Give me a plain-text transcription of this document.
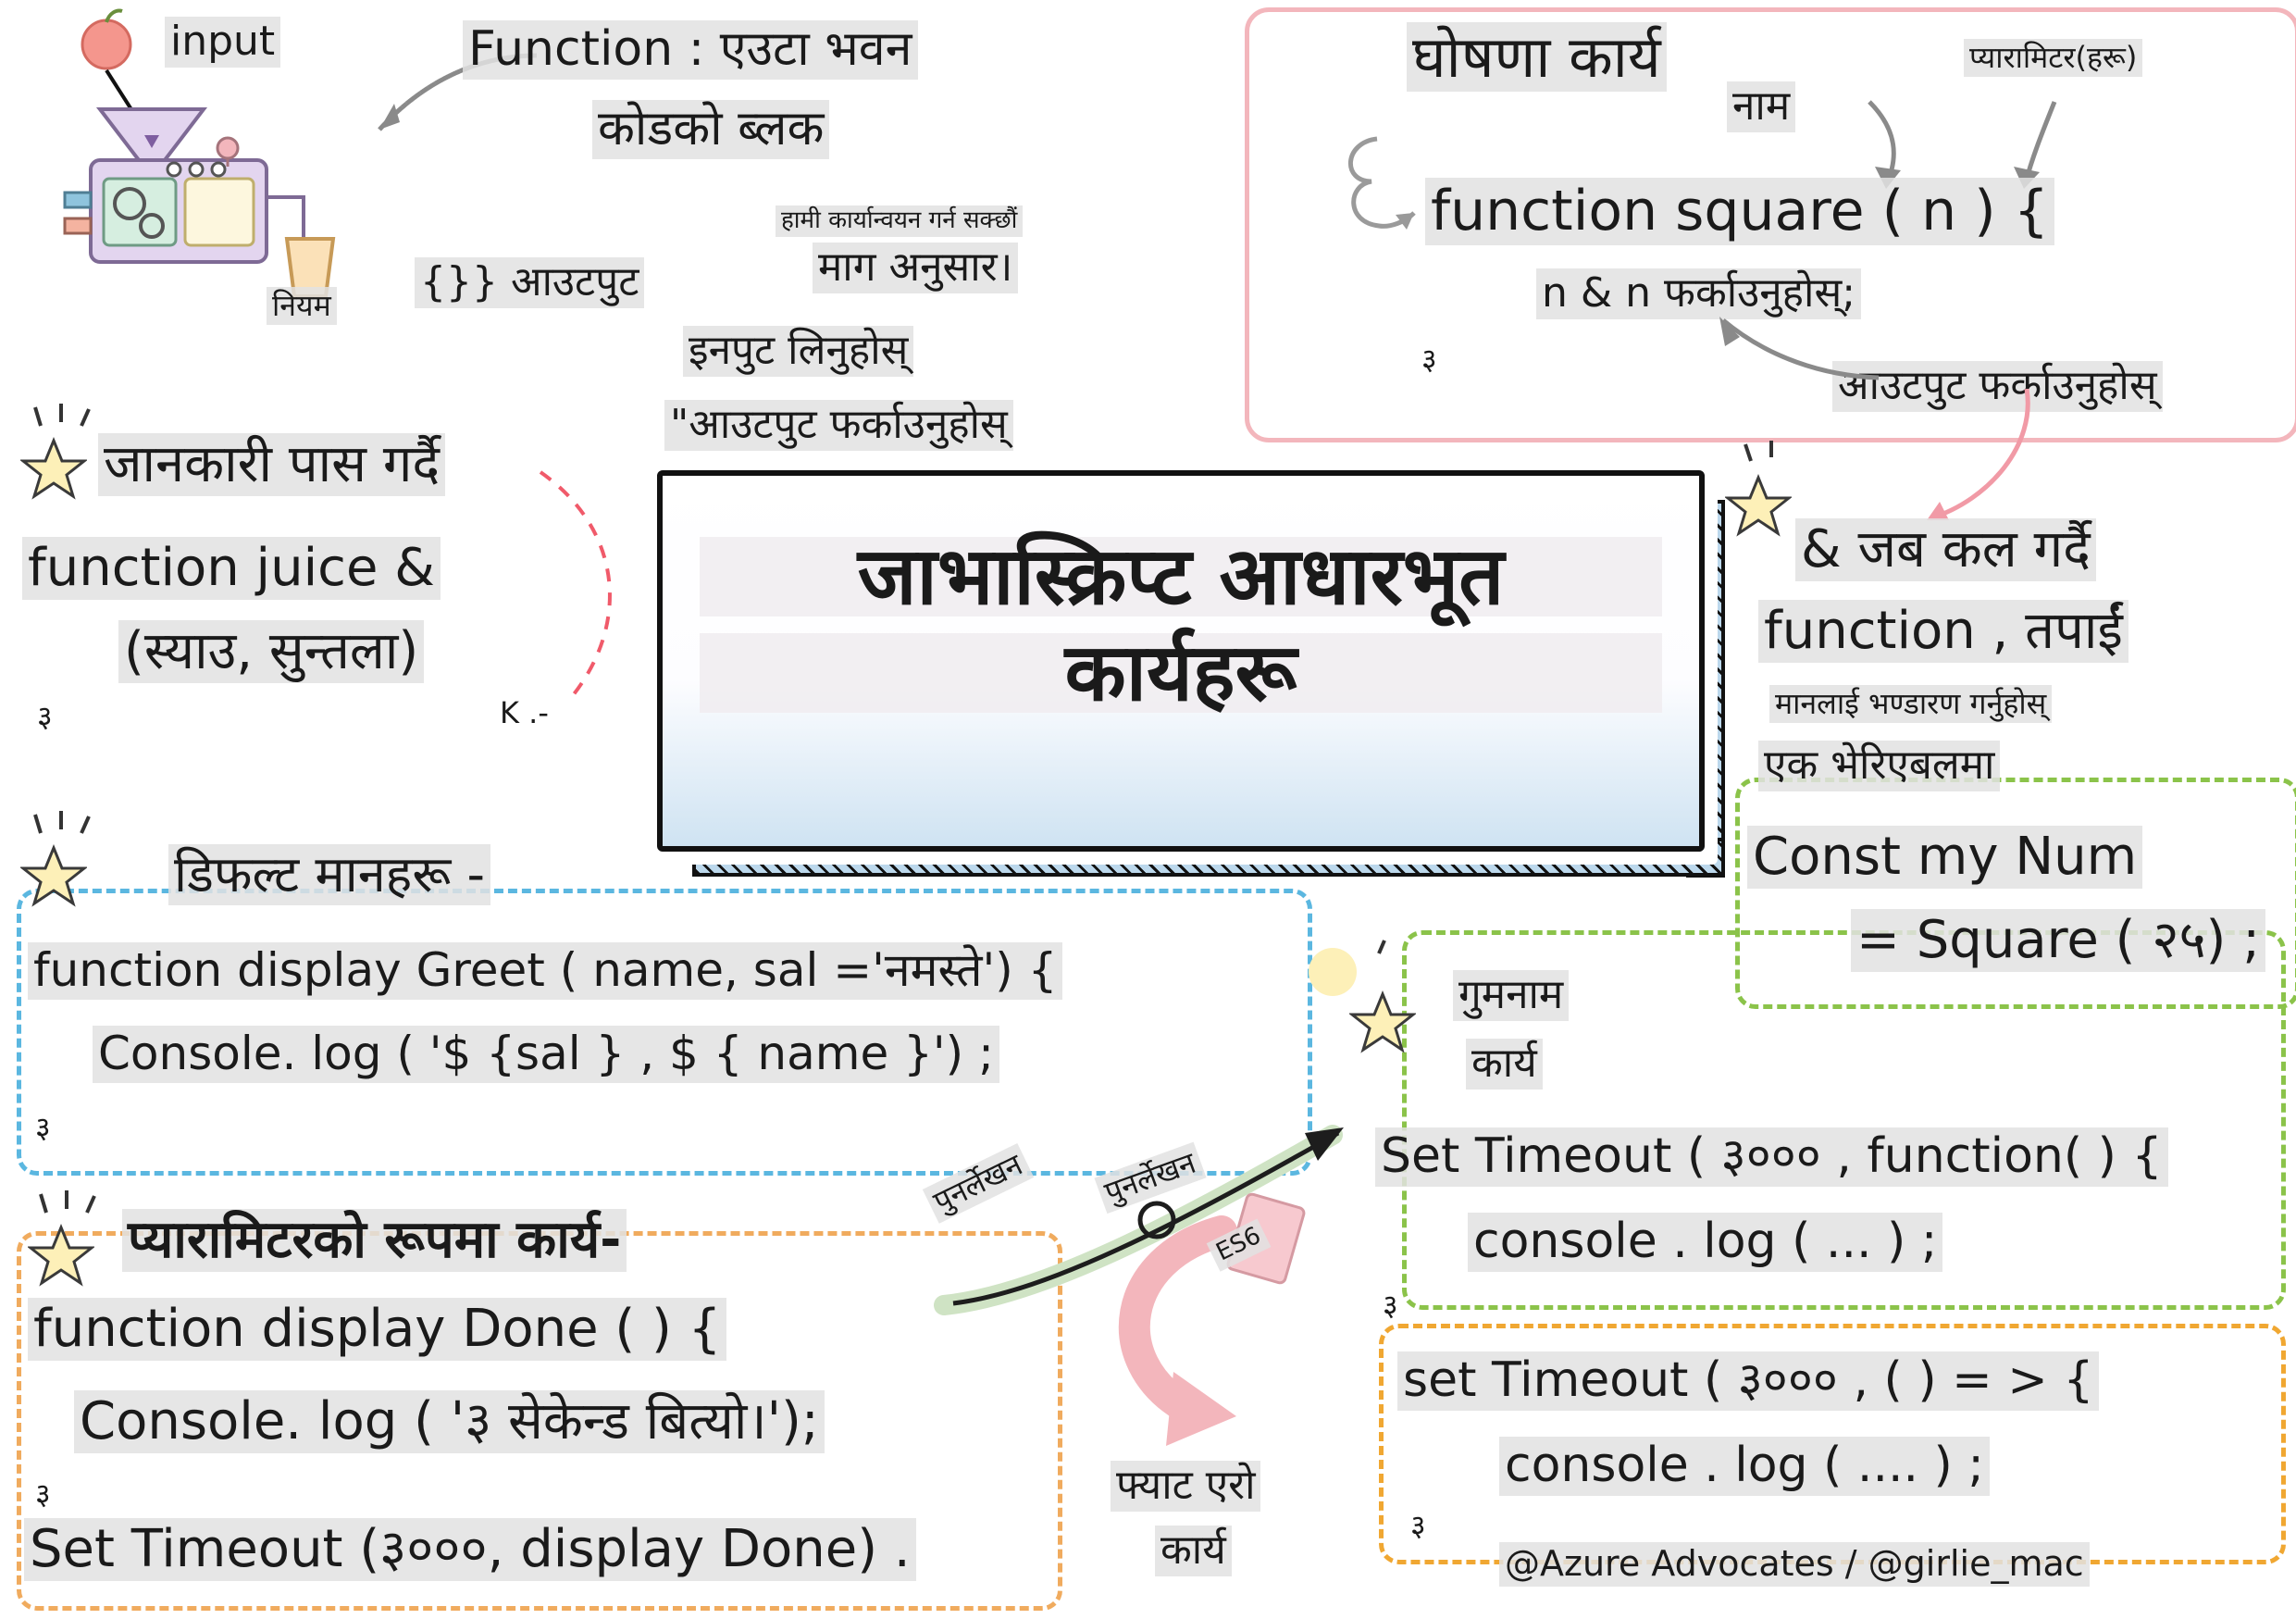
जाभास्क्रिप्ट आधारभूत
कार्यहरू
input
नियम {}} आउटपुट
Function : एउटा भवन
कोडको ब्लक
हामी कार्यान्वयन गर्न सक्छौं
माग अनुसार।
इनपुट लिनुहोस्
"आउटपुट फर्काउनुहोस्
घोषणा कार्य
नाम
प्यारामिटर(हरू)
function square ( n ) {
n & n फर्काउनुहोस्;
३
आउटपुट फर्काउनुहोस्
जानकारी पास गर्दै
function juice &
(स्याउ, सुन्तला)
३	K .-
& जब कल गर्दै
function , तपाईं
मानलाई भण्डारण गर्नुहोस्
एक भेरिएबलमा
Const my Num
= Square ( २५) ;
डिफल्ट मानहरू -
function display Greet ( name, sal ='नमस्ते') {
Console. log ( '$ {sal } , $ { name }') ;
३
प्यारामिटरको रूपमा कार्य-
function display Done ( ) {
Console. log ( '३ सेकेन्ड बित्यो।');
३
Set Timeout (३०००, display Done) .
पुनर्लेखन पुनर्लेखन
ES6
फ्याट एरो
कार्य
गुमनाम
कार्य
Set Timeout ( ३००० , function( ) {
console . log ( ... ) ;
३
set Timeout ( ३००० , ( ) = > {
console . log ( .... ) ;
३
@Azure Advocates / @girlie_mac
